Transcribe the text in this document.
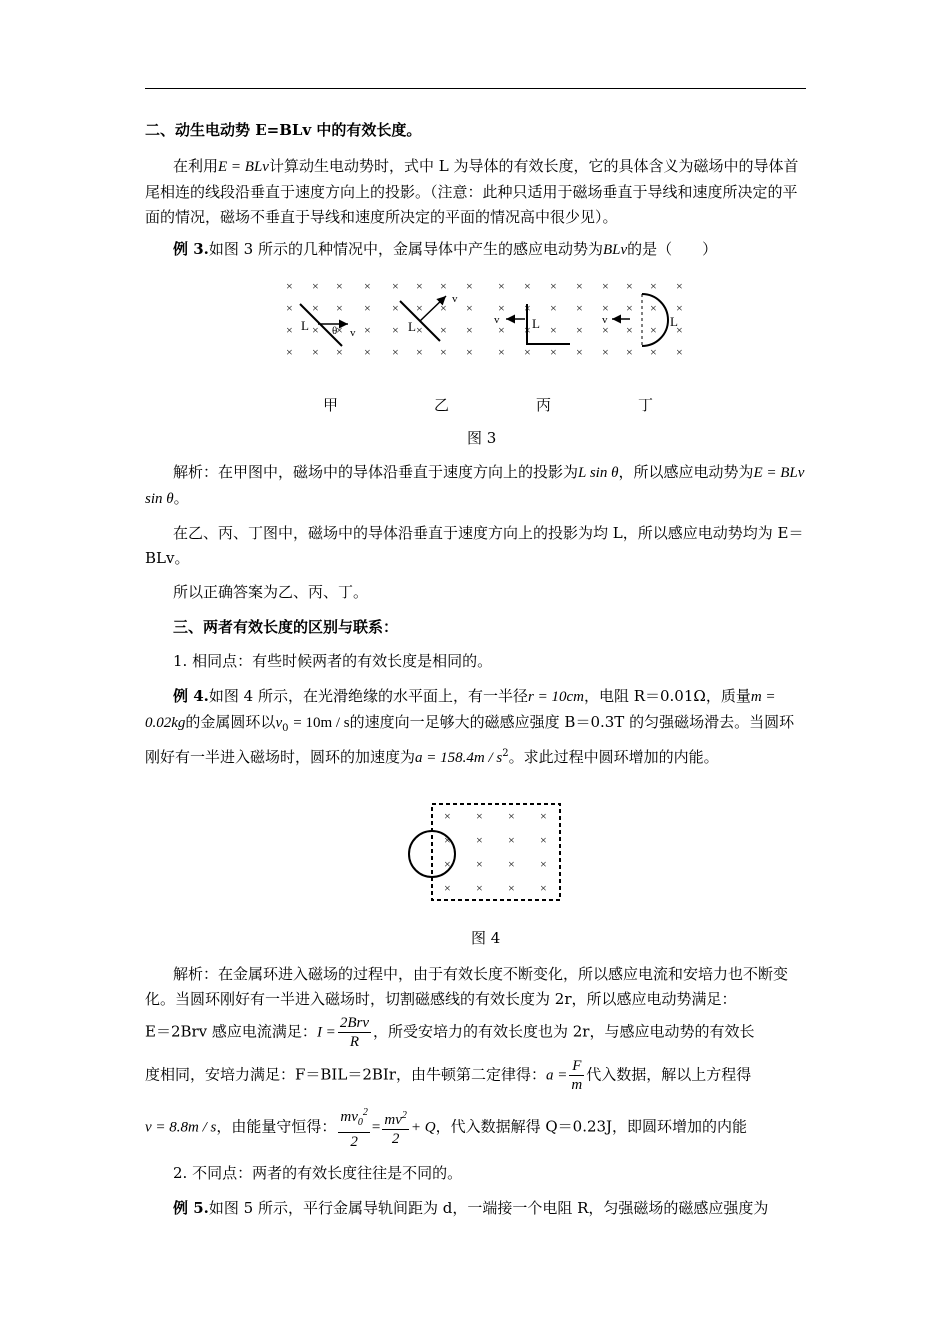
二、动生电动势 E=BLv 中的有效长度。
在利用E = BLv计算动生电动势时，式中 L 为导体的有效长度，它的具体含义为磁场中的导体首尾相连的线段沿垂直于速度方向上的投影。（注意：此种只适用于磁场垂直于导线和速度所决定的平面的情况，磁场不垂直于导线和速度所决定的平面的情况高中很少见）。
例 3.如图 3 所示的几种情况中，金属导体中产生的感应电动势为BLv的是（　　）
×
×
×
×
×
×
×
×
×
×
×
×
×
×
×
×
×
×
×
×
×
×
×
×
×
×
×
×
×
×
×
×
×
×
×
×
×
×
×
×
×
×
×
×
×
×
×
×
×
×
×
×
×
×
×
×
×
×
×
×
×
×
×
×
L θ v	L
v
L
v	L
v
甲	乙	丙	丁
图 3
解析：在甲图中，磁场中的导体沿垂直于速度方向上的投影为L sin θ，所以感应电动势为E = BLv sin θ。
在乙、丙、丁图中，磁场中的导体沿垂直于速度方向上的投影为均 L，所以感应电动势均为 E＝BLv。
所以正确答案为乙、丙、丁。
三、两者有效长度的区别与联系：
1. 相同点：有些时候两者的有效长度是相同的。
例 4.如图 4 所示，在光滑绝缘的水平面上，有一半径r = 10cm，电阻 R＝0.01Ω，质量m = 0.02kg的金属圆环以$v_0 = 10m / s$的速度向一足够大的磁感应强度 B＝0.3T 的匀强磁场滑去。当圆环刚好有一半进入磁场时，圆环的加速度为$a = 158.4m / s^2$。求此过程中圆环增加的内能。
×
×
×
×
×
×
×
×
×
×
×
×
×
×
×
×
图 4
解析：在金属环进入磁场的过程中，由于有效长度不断变化，所以感应电流和安培力也不断变化。当圆环刚好有一半进入磁场时，切割磁感线的有效长度为 2r，所以感应电动势满足：
E＝2Brv 感应电流满足：$I = \frac{\text{2Brv}}{R}$ ，所受安培力的有效长度也为 2r，与感应电动势的有效长
度相同，安培力满足：F＝BIL＝2BIr，由牛顿第二定律得：$a = \frac{F}{m}$ 代入数据，解以上方程得
v = 8.8m / s，由能量守恒得： $\frac{mv_0^2}{2} = \frac{mv^2}{2} + Q$，代入数据解得 Q＝0.23J，即圆环增加的内能
2. 不同点：两者的有效长度往往是不同的。
例 5.如图 5 所示，平行金属导轨间距为 d，一端接一个电阻 R，匀强磁场的磁感应强度为
